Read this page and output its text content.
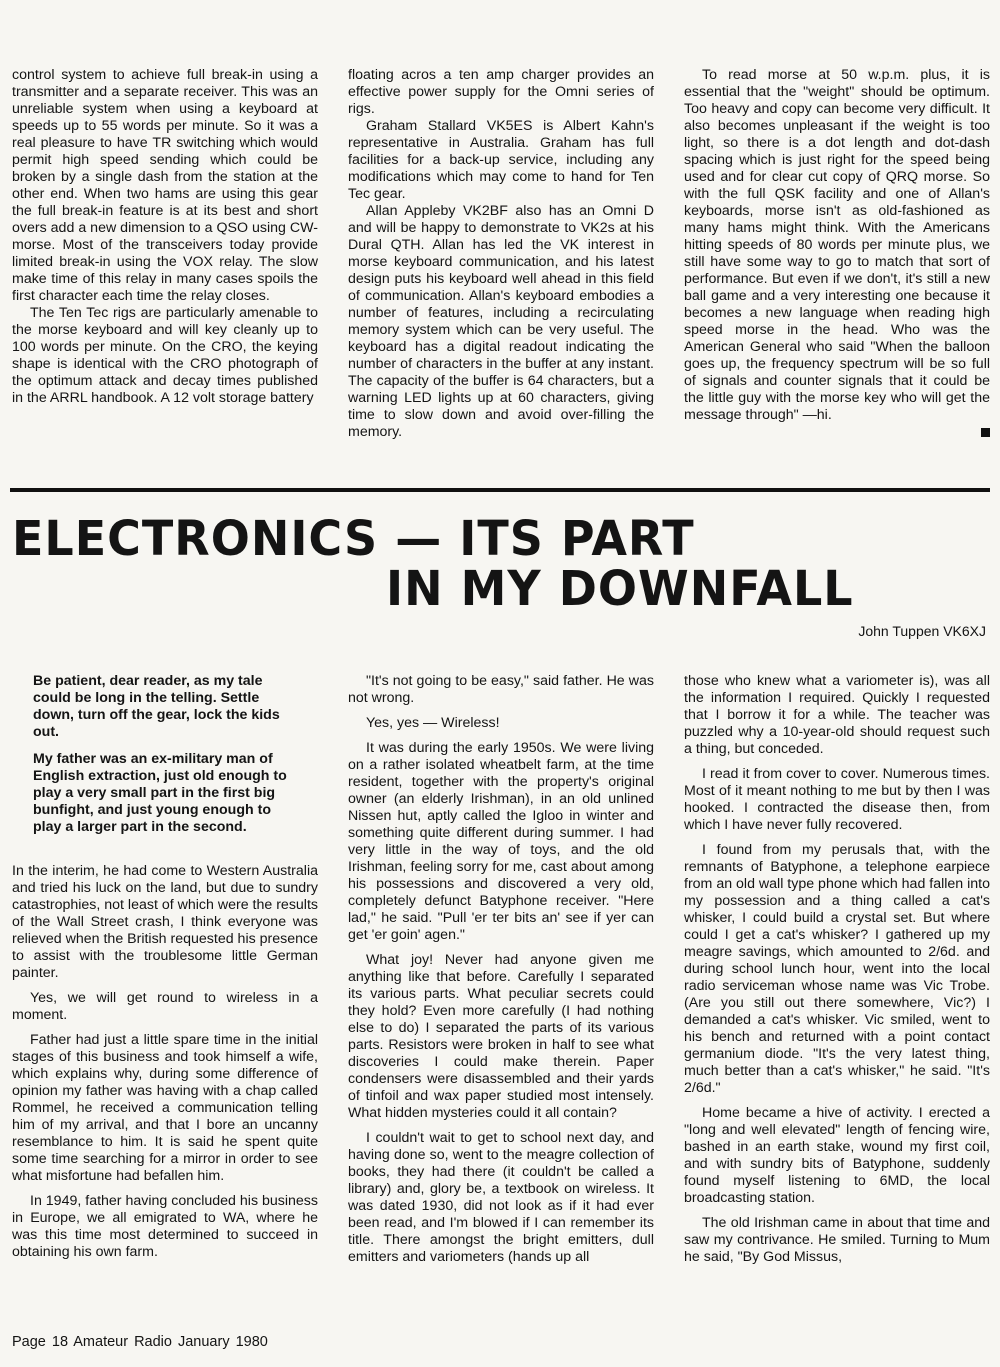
control system to achieve full break-in using a transmitter and a separate receiver. This was an unreliable system when using a keyboard at speeds up to 55 words per minute. So it was a real pleasure to have TR switching which would permit high speed sending which could be broken by a single dash from the station at the other end. When two hams are using this gear the full break-in feature is at its best and short overs add a new dimension to a QSO using CW-morse. Most of the transceivers today provide limited break-in using the VOX relay. The slow make time of this relay in many cases spoils the first character each time the relay closes.

The Ten Tec rigs are particularly amenable to the morse keyboard and will key cleanly up to 100 words per minute. On the CRO, the keying shape is identical with the CRO photograph of the optimum attack and decay times published in the ARRL handbook. A 12 volt storage battery

floating acros a ten amp charger provides an effective power supply for the Omni series of rigs.

Graham Stallard VK5ES is Albert Kahn's representative in Australia. Graham has full facilities for a back-up service, including any modifications which may come to hand for Ten Tec gear.

Allan Appleby VK2BF also has an Omni D and will be happy to demonstrate to VK2s at his Dural QTH. Allan has led the VK interest in morse keyboard communication, and his latest design puts his keyboard well ahead in this field of communication. Allan's keyboard embodies a number of features, including a recirculating memory system which can be very useful. The keyboard has a digital readout indicating the number of characters in the buffer at any instant. The capacity of the buffer is 64 characters, but a warning LED lights up at 60 characters, giving time to slow down and avoid over-filling the memory.

To read morse at 50 w.p.m. plus, it is essential that the "weight" should be optimum. Too heavy and copy can become very difficult. It also becomes unpleasant if the weight is too light, so there is a dot length and dot-dash spacing which is just right for the speed being used and for clear cut copy of QRQ morse. So with the full QSK facility and one of Allan's keyboards, morse isn't as old-fashioned as many hams might think. With the Americans hitting speeds of 80 words per minute plus, we still have some way to go to match that sort of performance. But even if we don't, it's still a new ball game and a very interesting one because it becomes a new language when reading high speed morse in the head. Who was the American General who said "When the balloon goes up, the frequency spectrum will be so full of signals and counter signals that it could be the little guy with the morse key who will get the message through" —hi.

ELECTRONICS — ITS PART
IN MY DOWNFALL

John Tuppen VK6XJ

Be patient, dear reader, as my tale could be long in the telling. Settle down, turn off the gear, lock the kids out.

My father was an ex-military man of English extraction, just old enough to play a very small part in the first big bunfight, and just young enough to play a larger part in the second.

In the interim, he had come to Western Australia and tried his luck on the land, but due to sundry catastrophies, not least of which were the results of the Wall Street crash, I think everyone was relieved when the British requested his presence to assist with the troublesome little German painter.

Yes, we will get round to wireless in a moment.

Father had just a little spare time in the initial stages of this business and took himself a wife, which explains why, during some difference of opinion my father was having with a chap called Rommel, he received a communication telling him of my arrival, and that I bore an uncanny resemblance to him. It is said he spent quite some time searching for a mirror in order to see what misfortune had befallen him.

In 1949, father having concluded his business in Europe, we all emigrated to WA, where he was this time most determined to succeed in obtaining his own farm.

"It's not going to be easy," said father. He was not wrong.

Yes, yes — Wireless!

It was during the early 1950s. We were living on a rather isolated wheatbelt farm, at the time resident, together with the property's original owner (an elderly Irishman), in an old unlined Nissen hut, aptly called the Igloo in winter and something quite different during summer. I had very little in the way of toys, and the old Irishman, feeling sorry for me, cast about among his possessions and discovered a very old, completely defunct Batyphone receiver. "Here lad," he said. "Pull 'er ter bits an' see if yer can get 'er goin' agen."

What joy! Never had anyone given me anything like that before. Carefully I separated its various parts. What peculiar secrets could they hold? Even more carefully (I had nothing else to do) I separated the parts of its various parts. Resistors were broken in half to see what discoveries I could make therein. Paper condensers were disassembled and their yards of tinfoil and wax paper studied most intensely. What hidden mysteries could it all contain?

I couldn't wait to get to school next day, and having done so, went to the meagre collection of books, they had there (it couldn't be called a library) and, glory be, a textbook on wireless. It was dated 1930, did not look as if it had ever been read, and I'm blowed if I can remember its title. There amongst the bright emitters, dull emitters and variometers (hands up all

those who knew what a variometer is), was all the information I required. Quickly I requested that I borrow it for a while. The teacher was puzzled why a 10-year-old should request such a thing, but conceded.

I read it from cover to cover. Numerous times. Most of it meant nothing to me but by then I was hooked. I contracted the disease then, from which I have never fully recovered.

I found from my perusals that, with the remnants of Batyphone, a telephone earpiece from an old wall type phone which had fallen into my possession and a thing called a cat's whisker, I could build a crystal set. But where could I get a cat's whisker? I gathered up my meagre savings, which amounted to 2/6d. and during school lunch hour, went into the local radio serviceman whose name was Vic Trobe. (Are you still out there somewhere, Vic?) I demanded a cat's whisker. Vic smiled, went to his bench and returned with a point contact germanium diode. "It's the very latest thing, much better than a cat's whisker," he said. "It's 2/6d."

Home became a hive of activity. I erected a "long and well elevated" length of fencing wire, bashed in an earth stake, wound my first coil, and with sundry bits of Batyphone, suddenly found myself listening to 6MD, the local broadcasting station.

The old Irishman came in about that time and saw my contrivance. He smiled. Turning to Mum he said, "By God Missus,

Page 18 Amateur Radio January 1980
